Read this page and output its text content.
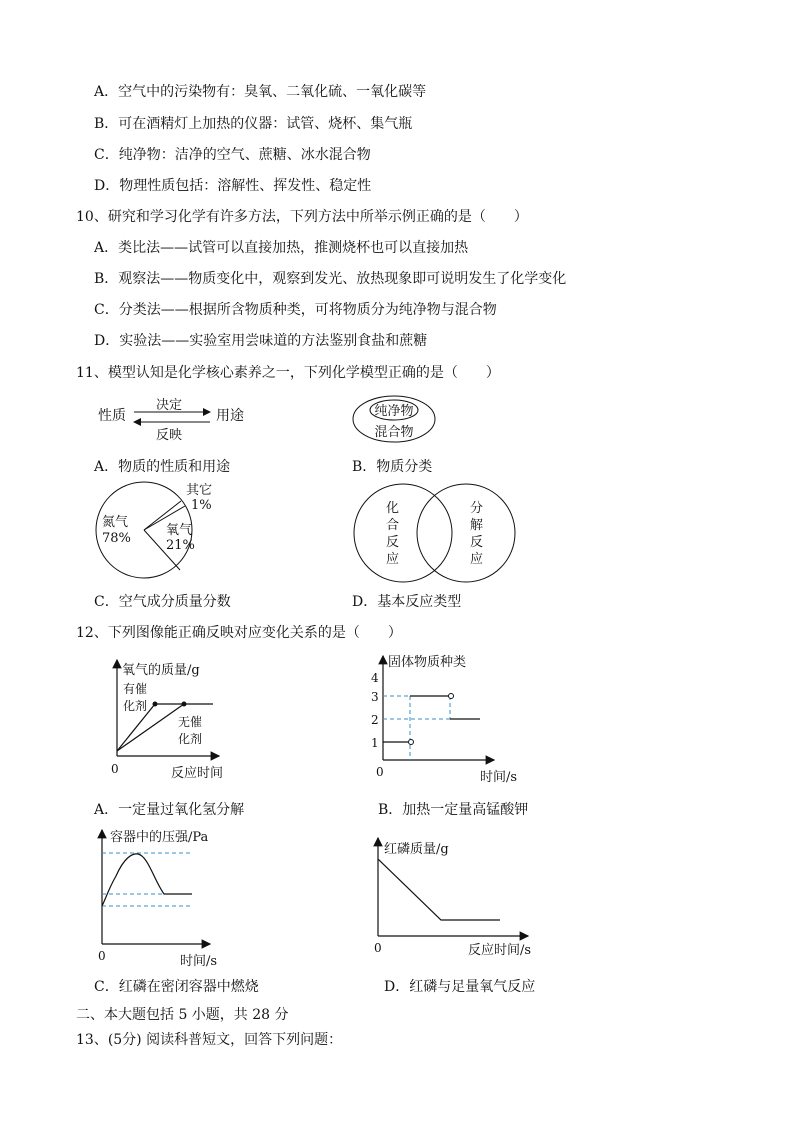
A．空气中的污染物有：臭氧、二氧化硫、一氧化碳等
B．可在酒精灯上加热的仪器：试管、烧杯、集气瓶
C．纯净物：洁净的空气、蔗糖、冰水混合物
D．物理性质包括：溶解性、挥发性、稳定性
10、研究和学习化学有许多方法，下列方法中所举示例正确的是（　　）
A．类比法——试管可以直接加热，推测烧杯也可以直接加热
B．观察法——物质变化中，观察到发光、放热现象即可说明发生了化学变化
C．分类法——根据所含物质种类，可将物质分为纯净物与混合物
D．实验法——实验室用尝味道的方法鉴别食盐和蔗糖
11、模型认知是化学核心素养之一，下列化学模型正确的是（　　）
性质
决定
反映
用途
A．物质的性质和用途
纯净物
混合物
B．物质分类
氮气
78%
氧气
21%
其它
1%
C．空气成分质量分数
化
合
反
应
分
解
反
应
D．基本反应类型
12、下列图像能正确反映对应变化关系的是（　　）
氧气的质量/g
0	反应时间
有催
化剂
无催
化剂
A．一定量过氧化氢分解
固体物质种类
4
3
2
1
0	时间/s
B．加热一定量高锰酸钾
容器中的压强/Pa
0	时间/s
C．红磷在密闭容器中燃烧
红磷质量/g
0	反应时间/s
D．红磷与足量氧气反应
二、本大题包括 5 小题，共 28 分
13、(5分) 阅读科普短文，回答下列问题：
